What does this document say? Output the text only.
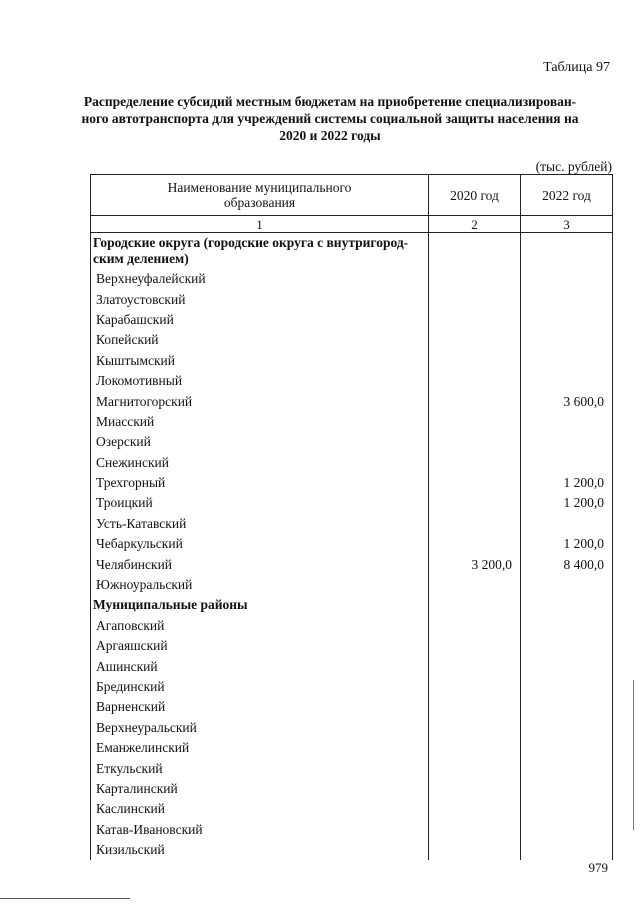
Таблица 97
Распределение субсидий местным бюджетам на приобретение специализирован-ного автотранспорта для учреждений системы социальной защиты населения на 2020 и 2022 годы
(тыс. рублей)
Наименование муниципального образования	2020 год	2022 год
1	2	3
Городские округа (городские округа с внутригород-ским делением)		
Верхнеуфалейский		
Златоустовский		
Карабашский		
Копейский		
Кыштымский		
Локомотивный		
Магнитогорский		3 600,0
Миасский		
Озерский		
Снежинский		
Трехгорный		1 200,0
Троицкий		1 200,0
Усть-Катавский		
Чебаркульский		1 200,0
Челябинский	3 200,0	8 400,0
Южноуральский		
Муниципальные районы		
Агаповский		
Аргаяшский		
Ашинский		
Брединский		
Варненский		
Верхнеуральский		
Еманжелинский		
Еткульский		
Карталинский		
Каслинский		
Катав-Ивановский		
Кизильский		
979
